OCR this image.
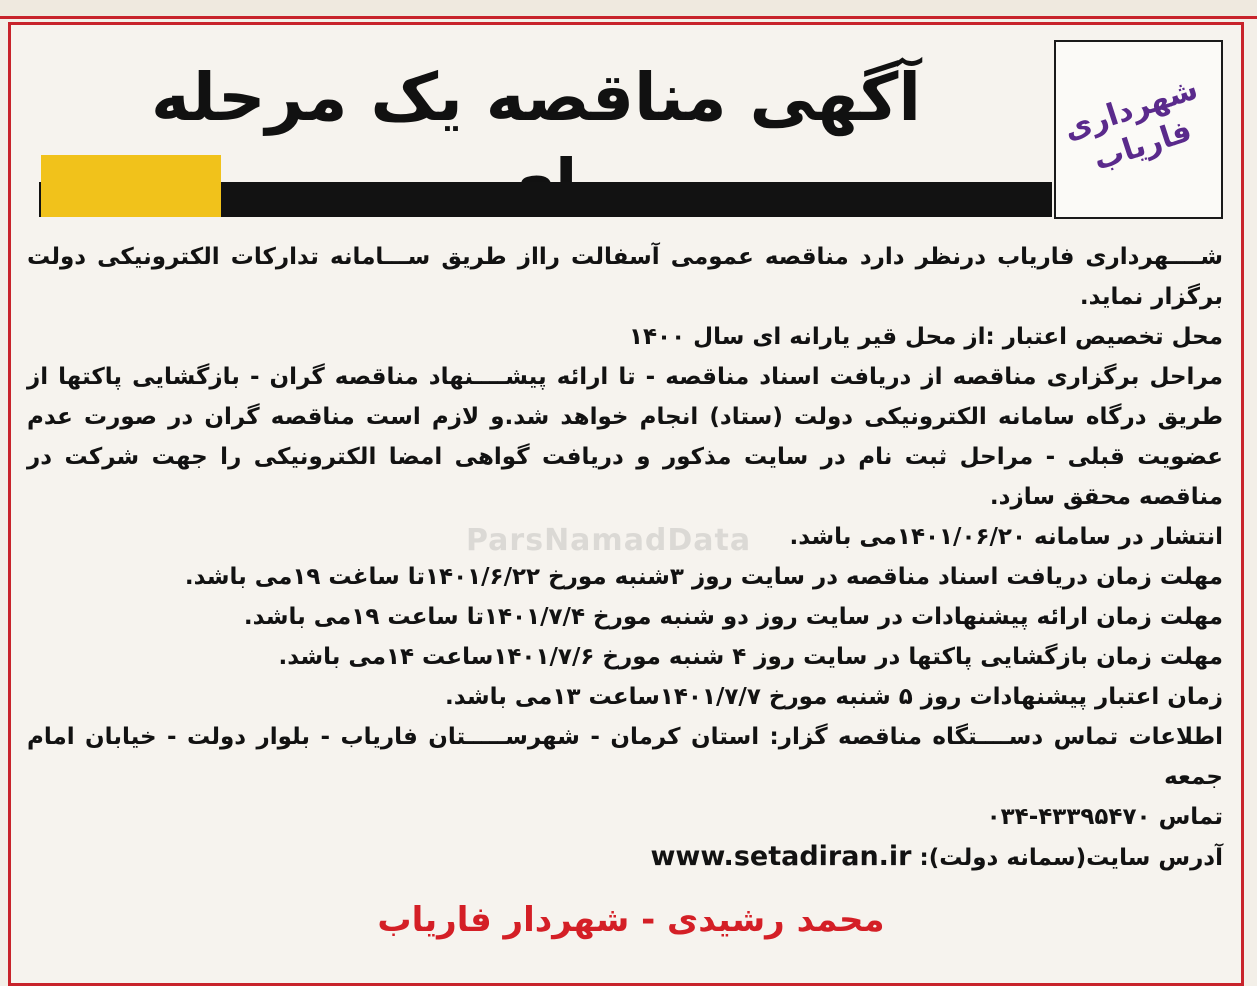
ParsNamadData
شهرداری فاریاب
آگهی مناقصه یک مرحله

شــــهرداری فاریاب درنظر دارد مناقصه عمومی آسفالت رااز طریق ســـامانه تدارکات الکترونیکی دولت برگزار نماید.

محل تخصیص اعتبار :از محل قیر یارانه ای سال ۱۴۰۰

مراحل برگزاری مناقصه از دریافت اسناد مناقصه - تا ارائه پیشــــنهاد مناقصه گران - بازگشایی پاکتها از طریق درگاه سامانه الکترونیکی دولت (ستاد) انجام خواهد شد.و لازم است مناقصه گران در صورت عدم عضویت قبلی - مراحل ثبت نام در سایت مذکور و دریافت گواهی امضا الکترونیکی را جهت شرکت در مناقصه محقق سازد.

انتشار در سامانه ۱۴۰۱/۰۶/۲۰می باشد.

مهلت زمان دریافت اسناد مناقصه در سایت روز ۳شنبه مورخ ۱۴۰۱/۶/۲۲تا ساغت ۱۹می باشد.

مهلت زمان ارائه پیشنهادات در سایت روز دو شنبه مورخ ۱۴۰۱/۷/۴تا ساعت ۱۹می باشد.

مهلت زمان بازگشایی پاکتها در سایت روز ۴ شنبه مورخ ۱۴۰۱/۷/۶ساعت ۱۴می باشد.

زمان اعتبار پیشنهادات روز ۵ شنبه مورخ ۱۴۰۱/۷/۷ساعت ۱۳می باشد.

اطلاعات تماس دســــتگاه مناقصه گزار: استان کرمان - شهرســـــتان فاریاب - بلوار دولت - خیابان امام جمعه

تماس ۰۳۴-۴۳۳۹۵۴۷۰

آدرس سایت(سمانه دولت): www.setadiran.ir

محمد رشیدی - شهردار فاریاب
